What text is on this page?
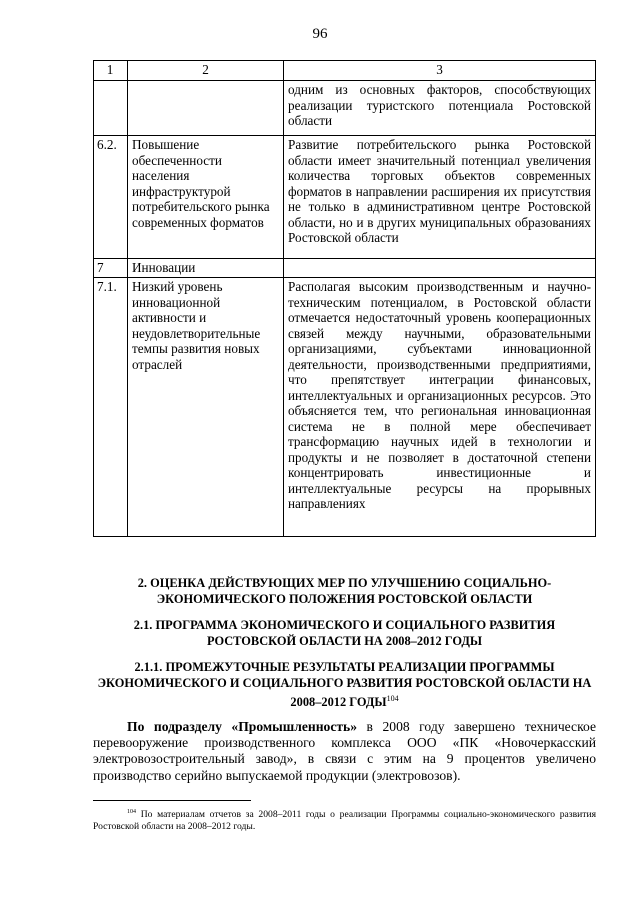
96
1	2	3
		одним из основных факторов, способствующих реализации туристского потенциала Ростовской области
6.2.	Повышение обеспеченности населения инфраструктурой потребительского рынка современных форматов	Развитие потребительского рынка Ростовской области имеет значительный потенциал увеличения количества торговых объектов современных форматов в направлении расширения их присутствия не только в административном центре Ростовской области, но и в других муниципальных образованиях Ростовской области
7	Инновации	
7.1.	Низкий уровень инновационной активности и неудовлетворительные темпы развития новых отраслей	Располагая высоким производственным и научно-техническим потенциалом, в Ростовской области отмечается недостаточный уровень кооперационных связей между научными, образовательными организациями, субъектами инновационной деятельности, производственными предприятиями, что препятствует интеграции финансовых, интеллектуальных и организационных ресурсов. Это объясняется тем, что региональная инновационная система не в полной мере обеспечивает трансформацию научных идей в технологии и продукты и не позволяет в достаточной степени концентрировать инвестиционные и интеллектуальные ресурсы на прорывных направлениях
2. ОЦЕНКА ДЕЙСТВУЮЩИХ МЕР ПО УЛУЧШЕНИЮ СОЦИАЛЬНО-ЭКОНОМИЧЕСКОГО ПОЛОЖЕНИЯ РОСТОВСКОЙ ОБЛАСТИ
2.1. ПРОГРАММА ЭКОНОМИЧЕСКОГО И СОЦИАЛЬНОГО РАЗВИТИЯ РОСТОВСКОЙ ОБЛАСТИ НА 2008–2012 ГОДЫ
2.1.1. ПРОМЕЖУТОЧНЫЕ РЕЗУЛЬТАТЫ РЕАЛИЗАЦИИ ПРОГРАММЫ ЭКОНОМИЧЕСКОГО И СОЦИАЛЬНОГО РАЗВИТИЯ РОСТОВСКОЙ ОБЛАСТИ НА 2008–2012 ГОДЫ$^{104}$
По подразделу «Промышленность» в 2008 году завершено техническое перевооружение производственного комплекса ООО «ПК «Новочеркасский электровозостроительный завод», в связи с этим на 9 процентов увеличено производство серийно выпускаемой продукции (электровозов).
$^{104}$ По материалам отчетов за 2008–2011 годы о реализации Программы социально-экономического развития Ростовской области на 2008–2012 годы.
